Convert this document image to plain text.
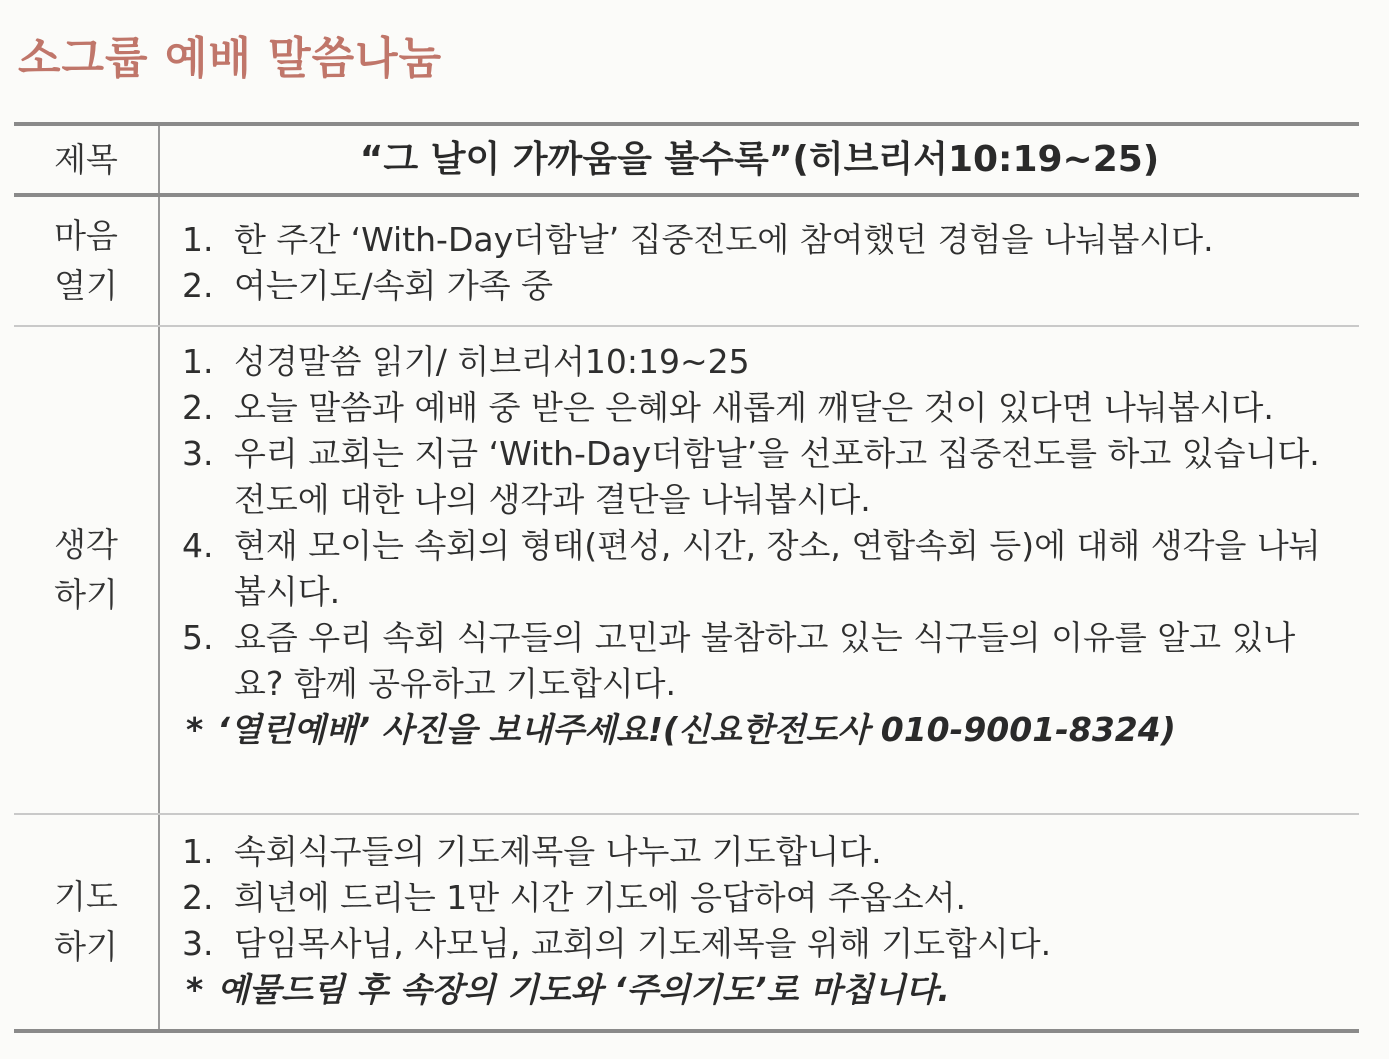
소그룹 예배 말씀나눔
제목	“그 날이 가까움을 볼수록”(히브리서10:19~25)
마음
열기
1. 한 주간 ‘With-Day더함날’ 집중전도에 참여했던 경험을 나눠봅시다.
2. 여는기도/속회 가족 중
생각
하기
1. 성경말씀 읽기/ 히브리서10:19~25
2. 오늘 말씀과 예배 중 받은 은혜와 새롭게 깨달은 것이 있다면 나눠봅시다.
3. 우리 교회는 지금 ‘With-Day더함날’을 선포하고 집중전도를 하고 있습니다. 전도에 대한 나의 생각과 결단을 나눠봅시다.
4. 현재 모이는 속회의 형태(편성, 시간, 장소, 연합속회 등)에 대해 생각을 나눠봅시다.
5. 요즘 우리 속회 식구들의 고민과 불참하고 있는 식구들의 이유를 알고 있나요? 함께 공유하고 기도합시다.
* ‘열린예배’ 사진을 보내주세요!(신요한전도사 010-9001-8324)
기도
하기
1. 속회식구들의 기도제목을 나누고 기도합니다.
2. 희년에 드리는 1만 시간 기도에 응답하여 주옵소서.
3. 담임목사님, 사모님, 교회의 기도제목을 위해 기도합시다.
* 예물드림 후 속장의 기도와 ‘주의기도’로 마칩니다.
